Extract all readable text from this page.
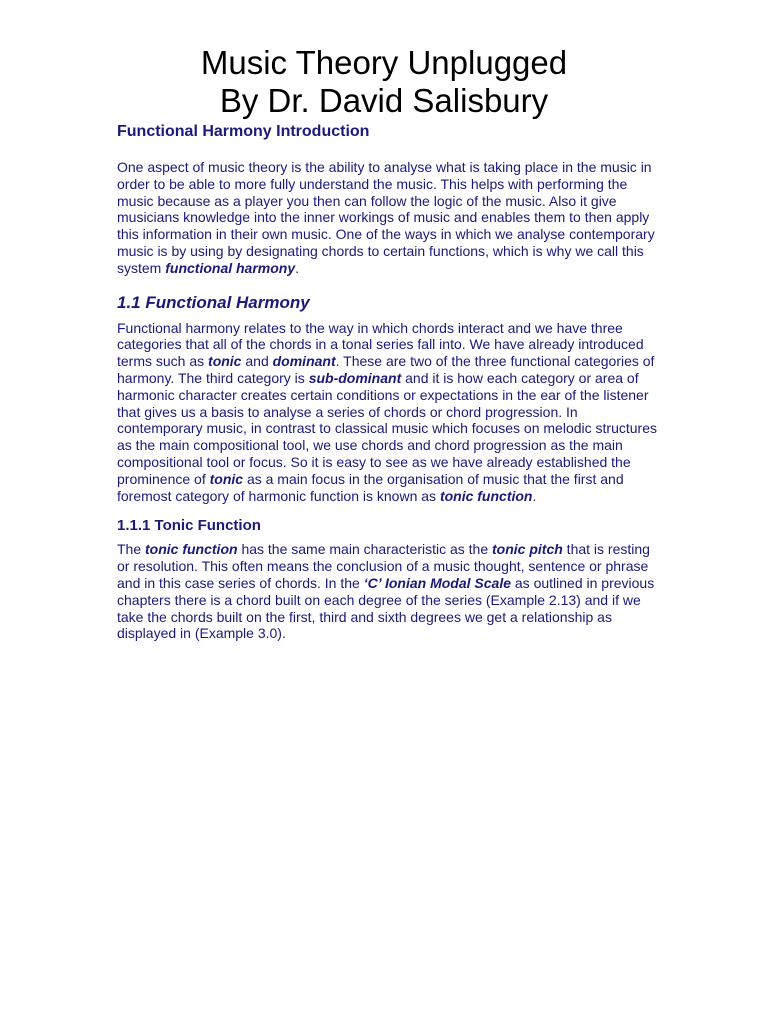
Music Theory Unplugged
By Dr. David Salisbury
Functional Harmony Introduction

One aspect of music theory is the ability to analyse what is taking place in the music in order to be able to more fully understand the music. This helps with performing the music because as a player you then can follow the logic of the music. Also it give musicians knowledge into the inner workings of music and enables them to then apply this information in their own music. One of the ways in which we analyse contemporary music is by using by designating chords to certain functions, which is why we call this system functional harmony.

1.1 Functional Harmony

Functional harmony relates to the way in which chords interact and we have three categories that all of the chords in a tonal series fall into. We have already introduced terms such as tonic and dominant. These are two of the three functional categories of harmony. The third category is sub-dominant and it is how each category or area of harmonic character creates certain conditions or expectations in the ear of the listener that gives us a basis to analyse a series of chords or chord progression. In contemporary music, in contrast to classical music which focuses on melodic structures as the main compositional tool, we use chords and chord progression as the main compositional tool or focus. So it is easy to see as we have already established the prominence of tonic as a main focus in the organisation of music that the first and foremost category of harmonic function is known as tonic function.

1.1.1 Tonic Function

The tonic function has the same main characteristic as the tonic pitch that is resting or resolution. This often means the conclusion of a music thought, sentence or phrase and in this case series of chords. In the ‘C’ Ionian Modal Scale as outlined in previous chapters there is a chord built on each degree of the series (Example 2.13) and if we take the chords built on the first, third and sixth degrees we get a relationship as displayed in (Example 3.0).
